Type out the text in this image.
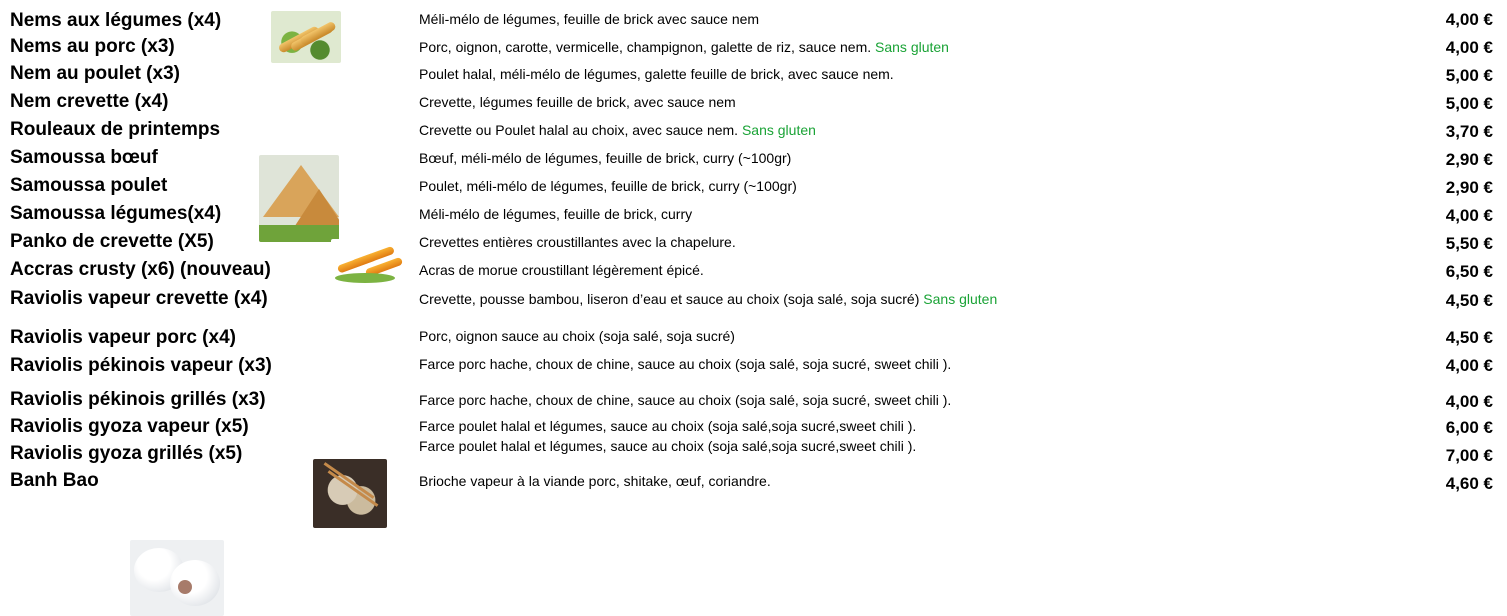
Nems aux légumes (x4)	Méli-mélo de légumes, feuille de brick avec sauce nem	4,00 €
Nems au porc (x3)	Porc, oignon, carotte, vermicelle, champignon, galette de riz, sauce nem. Sans gluten	4,00 €
Nem au poulet (x3)	Poulet halal, méli-mélo de légumes, galette feuille de brick, avec sauce nem.	5,00 €
Nem crevette (x4)	Crevette, légumes feuille de brick, avec sauce nem	5,00 €
Rouleaux de printemps	Crevette ou Poulet halal au choix, avec sauce nem. Sans gluten	3,70 €
Samoussa bœuf	Bœuf, méli-mélo de légumes, feuille de brick, curry (~100gr)	2,90 €
Samoussa poulet	Poulet, méli-mélo de légumes, feuille de brick, curry (~100gr)	2,90 €
Samoussa légumes(x4)	Méli-mélo de légumes, feuille de brick, curry	4,00 €
Panko de crevette (X5)	Crevettes entières croustillantes avec la chapelure.	5,50 €
Accras crusty (x6) (nouveau)	Acras de morue croustillant légèrement épicé.	6,50 €
Raviolis vapeur crevette (x4)	Crevette, pousse bambou, liseron d’eau et sauce au choix (soja salé, soja sucré) Sans gluten	4,50 €
Raviolis vapeur porc (x4)	Porc, oignon sauce au choix (soja salé, soja sucré)	4,50 €
Raviolis pékinois vapeur (x3)	Farce porc hache, choux de chine, sauce au choix (soja salé, soja sucré, sweet chili ).	4,00 €
Raviolis pékinois grillés (x3)	Farce porc hache, choux de chine, sauce au choix (soja salé, soja sucré, sweet chili ).	4,00 €
Raviolis gyoza vapeur (x5)	Farce poulet halal et légumes, sauce au choix (soja salé,soja sucré,sweet chili ).	6,00 €
Raviolis gyoza grillés (x5)	Farce poulet halal et légumes, sauce au choix (soja salé,soja sucré,sweet chili ).	7,00 €
Banh Bao	Brioche vapeur à la viande porc, shitake, œuf, coriandre.	4,60 €
